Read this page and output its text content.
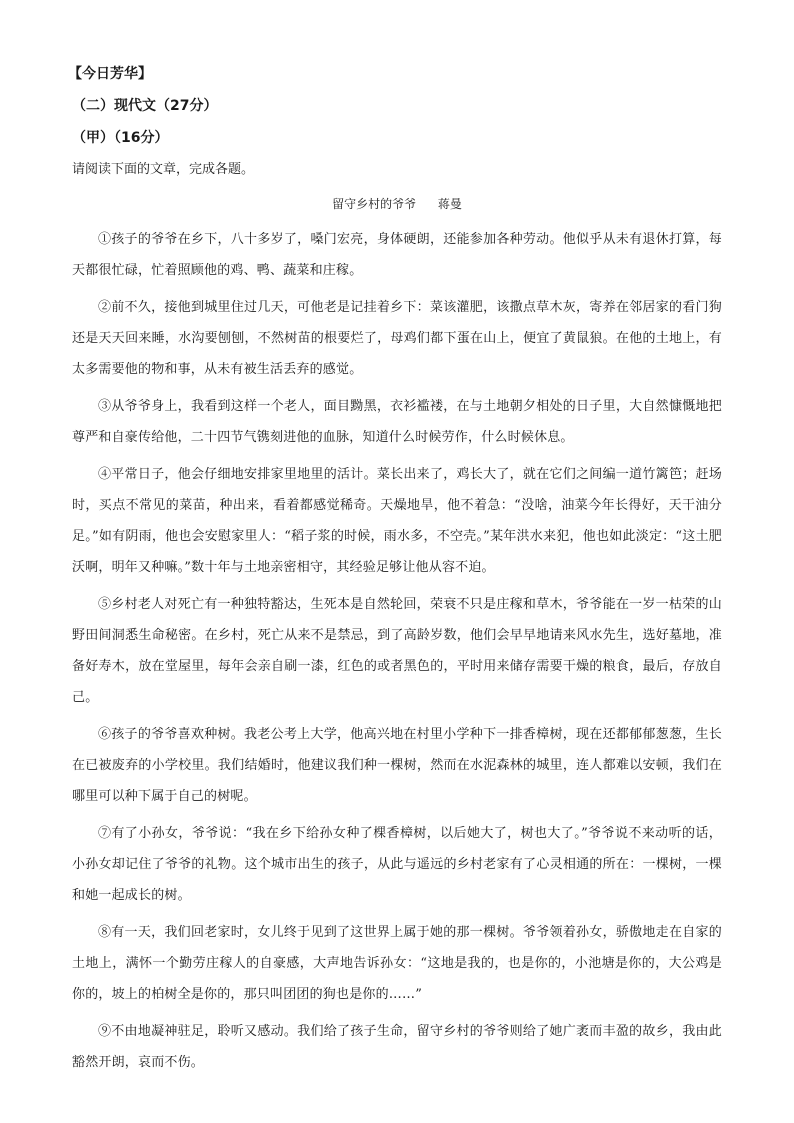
【今日芳华】
（二）现代文（27分）
（甲）（16分）
请阅读下面的文章，完成各题。
留守乡村的爷爷 蒋曼

①孩子的爷爷在乡下，八十多岁了，嗓门宏亮，身体硬朗，还能参加各种劳动。他似乎从未有退休打算，每天都很忙碌，忙着照顾他的鸡、鸭、蔬菜和庄稼。

②前不久，接他到城里住过几天，可他老是记挂着乡下：菜该灌肥，该撒点草木灰，寄养在邻居家的看门狗还是天天回来睡，水沟要刨刨，不然树苗的根要烂了，母鸡们都下蛋在山上，便宜了黄鼠狼。在他的土地上，有太多需要他的物和事，从未有被生活丢弃的感觉。

③从爷爷身上，我看到这样一个老人，面目黝黑，衣衫褴褛，在与土地朝夕相处的日子里，大自然慷慨地把尊严和自豪传给他，二十四节气镌刻进他的血脉，知道什么时候劳作，什么时候休息。

④平常日子，他会仔细地安排家里地里的活计。菜长出来了，鸡长大了，就在它们之间编一道竹篱笆；赶场时，买点不常见的菜苗，种出来，看着都感觉稀奇。天燥地旱，他不着急：“没啥，油菜今年长得好，天干油分足。”如有阴雨，他也会安慰家里人：“稻子浆的时候，雨水多，不空壳。”某年洪水来犯，他也如此淡定：“这土肥沃啊，明年又种嘛。”数十年与土地亲密相守，其经验足够让他从容不迫。

⑤乡村老人对死亡有一种独特豁达，生死本是自然轮回，荣衰不只是庄稼和草木，爷爷能在一岁一枯荣的山野田间洞悉生命秘密。在乡村，死亡从来不是禁忌，到了高龄岁数，他们会早早地请来风水先生，选好墓地，准备好寿木，放在堂屋里，每年会亲自刷一漆，红色的或者黑色的，平时用来储存需要干燥的粮食，最后，存放自己。

⑥孩子的爷爷喜欢种树。我老公考上大学，他高兴地在村里小学种下一排香樟树，现在还都郁郁葱葱，生长在已被废弃的小学校里。我们结婚时，他建议我们种一棵树，然而在水泥森林的城里，连人都难以安顿，我们在哪里可以种下属于自己的树呢。

⑦有了小孙女，爷爷说：“我在乡下给孙女种了棵香樟树，以后她大了，树也大了。”爷爷说不来动听的话，小孙女却记住了爷爷的礼物。这个城市出生的孩子，从此与遥远的乡村老家有了心灵相通的所在：一棵树，一棵和她一起成长的树。

⑧有一天，我们回老家时，女儿终于见到了这世界上属于她的那一棵树。爷爷领着孙女，骄傲地走在自家的土地上，满怀一个勤劳庄稼人的自豪感，大声地告诉孙女：“这地是我的，也是你的，小池塘是你的，大公鸡是你的，坡上的柏树全是你的，那只叫团团的狗也是你的……”

⑨不由地凝神驻足，聆听又感动。我们给了孩子生命，留守乡村的爷爷则给了她广袤而丰盈的故乡，我由此豁然开朗，哀而不伤。
